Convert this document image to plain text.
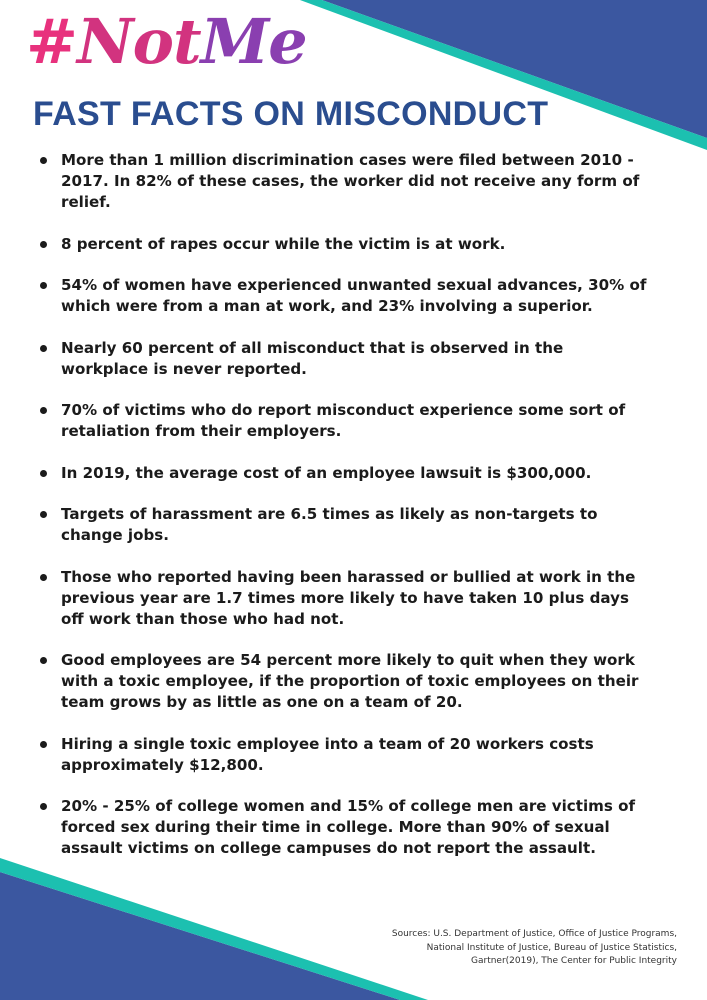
#NotMe
FAST FACTS ON MISCONDUCT
More than 1 million discrimination cases were filed between 2010 - 2017. In 82% of these cases, the worker did not receive any form of relief.
8 percent of rapes occur while the victim is at work.
54% of women have experienced unwanted sexual advances, 30% of which were from a man at work, and 23% involving a superior.
Nearly 60 percent of all misconduct that is observed in the workplace is never reported.
70% of victims who do report misconduct experience some sort of retaliation from their employers.
In 2019, the average cost of an employee lawsuit is $300,000.
Targets of harassment are 6.5 times as likely as non-targets to change jobs.
Those who reported having been harassed or bullied at work in the previous year are 1.7 times more likely to have taken 10 plus days off work than those who had not.
Good employees are 54 percent more likely to quit when they work with a toxic employee, if the proportion of toxic employees on their team grows by as little as one on a team of 20.
Hiring a single toxic employee into a team of 20 workers costs approximately $12,800.
20% - 25% of college women and 15% of college men are victims of forced sex during their time in college. More than 90% of sexual assault victims on college campuses do not report the assault.

Sources: U.S. Department of Justice, Office of Justice Programs,
National Institute of Justice, Bureau of Justice Statistics,
Gartner(2019), The Center for Public Integrity
